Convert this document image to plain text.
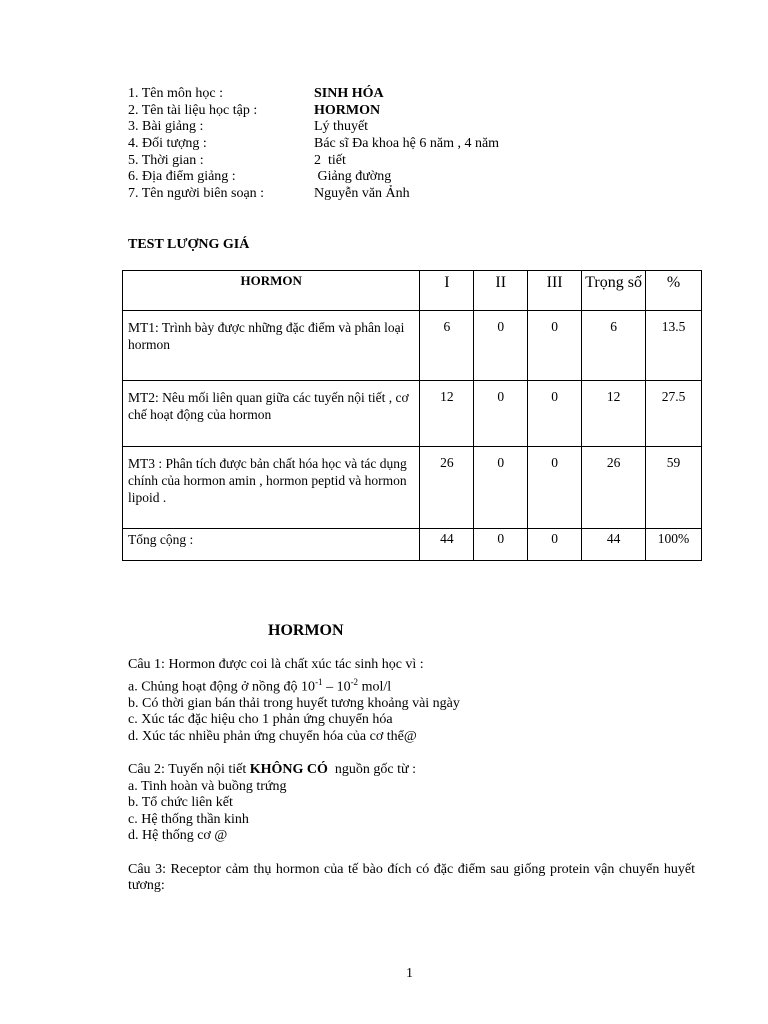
1. Tên môn học :	SINH HÓA
2. Tên tài liệu học tập :	HORMON
3. Bài giảng :	Lý thuyết
4. Đối tượng :	Bác sĩ Đa khoa hệ 6 năm , 4 năm
5. Thời gian :	2  tiết
6. Địa điểm giảng :	Giảng đường
7. Tên người biên soạn :	Nguyễn văn Ảnh
TEST LƯỢNG GIÁ
HORMON	I	II	III	Trọng số	%
MT1: Trình bày được những đặc điểm và phân loại hormon	6	0	0	6	13.5
MT2: Nêu mối liên quan giữa các tuyến nội tiết , cơ chế hoạt động của hormon	12	0	0	12	27.5
MT3 : Phân tích được bản chất hóa học và tác dụng chính của hormon amin , hormon peptid và hormon lipoid .	26	0	0	26	59
Tổng cộng :	44	0	0	44	100%
HORMON

Câu 1: Hormon được coi là chất xúc tác sinh học vì :

a. Chủng hoạt động ở nồng độ $10^{-1} - 10^{-2}$ mol/l

b. Có thời gian bán thải trong huyết tương khoảng vài ngày

c. Xúc tác đặc hiệu cho 1 phản ứng chuyển hóa

d. Xúc tác nhiều phản ứng chuyển hóa của cơ thể@

Câu 2: Tuyến nội tiết KHÔNG CÓ  nguồn gốc từ :

a. Tinh hoàn và buồng trứng

b. Tổ chức liên kết

c. Hệ thống thần kinh

d. Hệ thống cơ @

Câu 3: Receptor cảm thụ hormon của tế bào đích có đặc điểm sau giống protein vận chuyển huyết tương:

1
